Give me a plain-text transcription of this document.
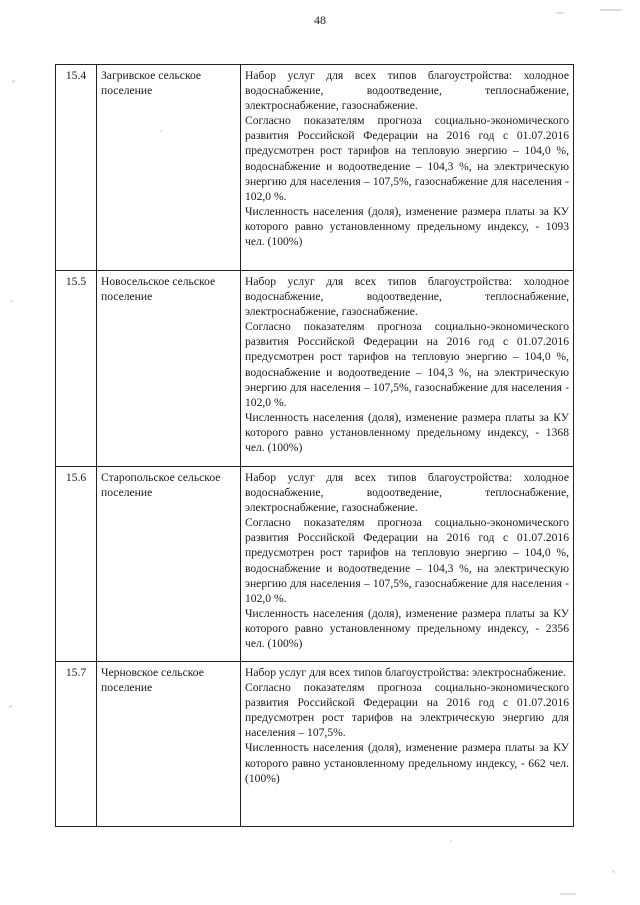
48
15.4	Загривское сельское поселение	Набор услуг для всех типов благоустройства: холодное водоснабжение, водоотведение, теплоснабжение, электроснабжение, газоснабжение.

Согласно показателям прогноза социально-экономического развития Российской Федерации на 2016 год с 01.07.2016 предусмотрен рост тарифов на тепловую энергию – 104,0 %, водоснабжение и водоотведение – 104,3 %, на электрическую энергию для населения – 107,5%, газоснабжение для населения - 102,0 %.

Численность населения (доля), изменение размера платы за КУ которого равно установленному предельному индексу, - 1093 чел. (100%)

15.5	Новосельское сельское поселение	Набор услуг для всех типов благоустройства: холодное водоснабжение, водоотведение, теплоснабжение, электроснабжение, газоснабжение.

Согласно показателям прогноза социально-экономического развития Российской Федерации на 2016 год с 01.07.2016 предусмотрен рост тарифов на тепловую энергию – 104,0 %, водоснабжение и водоотведение – 104,3 %, на электрическую энергию для населения – 107,5%, газоснабжение для населения - 102,0 %.

Численность населения (доля), изменение размера платы за КУ которого равно установленному предельному индексу, - 1368 чел. (100%)

15.6	Старопольское сельское поселение	Набор услуг для всех типов благоустройства: холодное водоснабжение, водоотведение, теплоснабжение, электроснабжение, газоснабжение.

Согласно показателям прогноза социально-экономического развития Российской Федерации на 2016 год с 01.07.2016 предусмотрен рост тарифов на тепловую энергию – 104,0 %, водоснабжение и водоотведение – 104,3 %, на электрическую энергию для населения – 107,5%, газоснабжение для населения - 102,0 %.

Численность населения (доля), изменение размера платы за КУ которого равно установленному предельному индексу, - 2356 чел. (100%)

15.7	Черновское сельское поселение	Набор услуг для всех типов благоустройства: электроснабжение.

Согласно показателям прогноза социально-экономического развития Российской Федерации на 2016 год с 01.07.2016 предусмотрен рост тарифов на электрическую энергию для населения – 107,5%.

Численность населения (доля), изменение размера платы за КУ которого равно установленному предельному индексу, - 662 чел. (100%)
